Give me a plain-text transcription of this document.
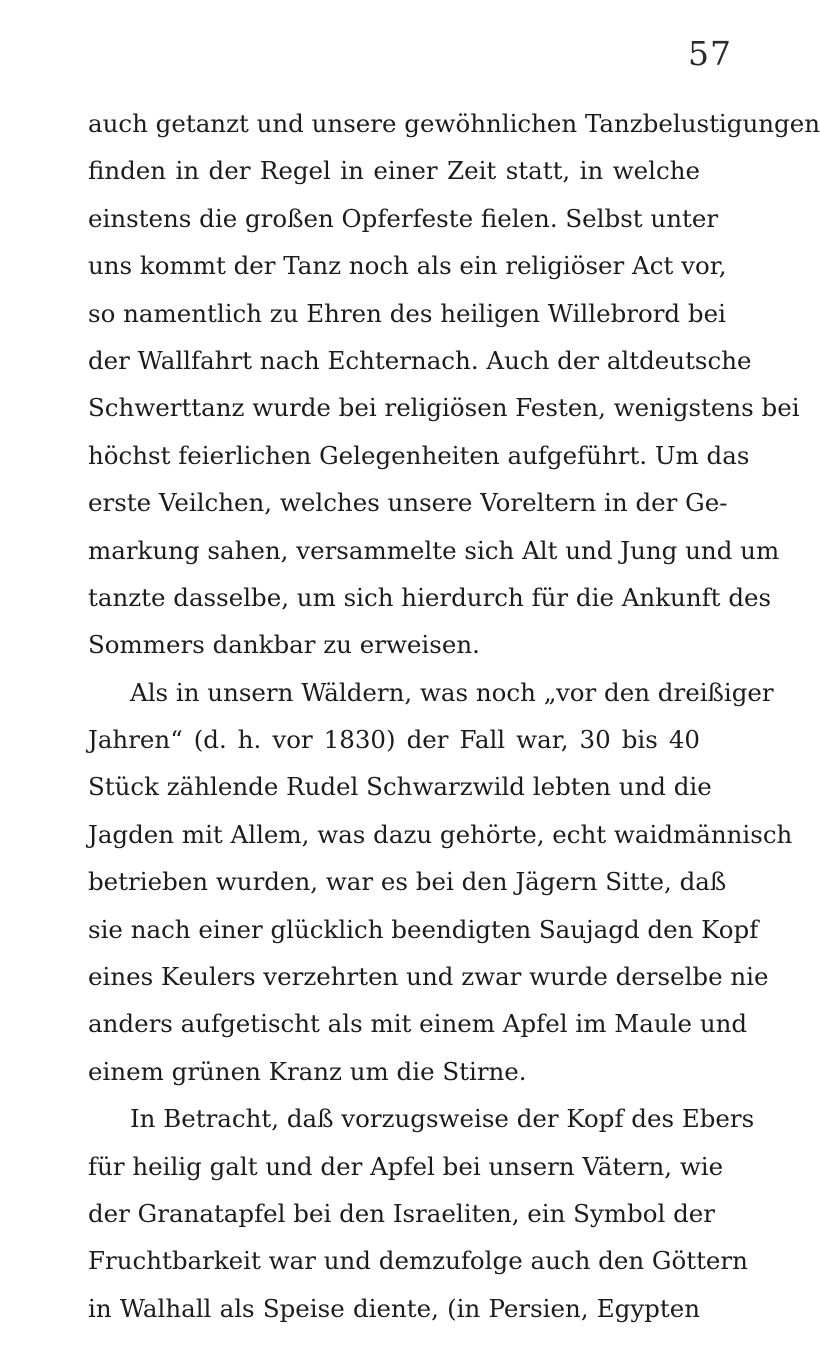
57
auch getanzt und unsere gewöhnlichen Tanzbelustigungen
finden in der Regel in einer Zeit statt, in welche
einstens die großen Opferfeste fielen. Selbst unter
uns kommt der Tanz noch als ein religiöser Act vor,
so namentlich zu Ehren des heiligen Willebrord bei
der Wallfahrt nach Echternach. Auch der altdeutsche
Schwerttanz wurde bei religiösen Festen, wenigstens bei
höchst feierlichen Gelegenheiten aufgeführt. Um das
erste Veilchen, welches unsere Voreltern in der Ge-
markung sahen, versammelte sich Alt und Jung und um
tanzte dasselbe, um sich hierdurch für die Ankunft des
Sommers dankbar zu erweisen.
Als in unsern Wäldern, was noch „vor den dreißiger
Jahren“ (d. h. vor 1830) der Fall war, 30 bis 40
Stück zählende Rudel Schwarzwild lebten und die
Jagden mit Allem, was dazu gehörte, echt waidmännisch
betrieben wurden, war es bei den Jägern Sitte, daß
sie nach einer glücklich beendigten Saujagd den Kopf
eines Keulers verzehrten und zwar wurde derselbe nie
anders aufgetischt als mit einem Apfel im Maule und
einem grünen Kranz um die Stirne.
In Betracht, daß vorzugsweise der Kopf des Ebers
für heilig galt und der Apfel bei unsern Vätern, wie
der Granatapfel bei den Israeliten, ein Symbol der
Fruchtbarkeit war und demzufolge auch den Göttern
in Walhall als Speise diente, (in Persien, Egypten
